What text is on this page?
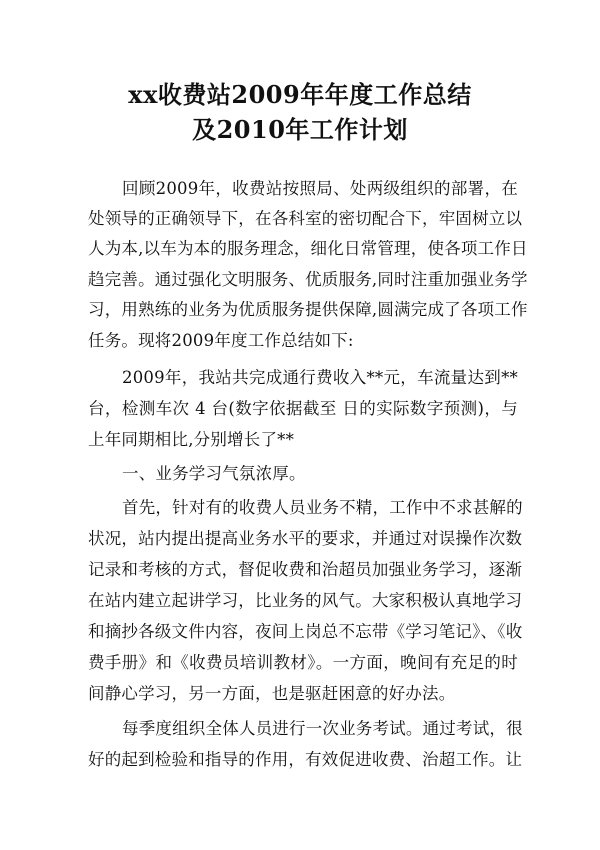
xx收费站2009年年度工作总结
及2010年工作计划
回顾2009年，收费站按照局、处两级组织的部署，在
处领导的正确领导下，在各科室的密切配合下，牢固树立以
人为本,以车为本的服务理念，细化日常管理，使各项工作日
趋完善。通过强化文明服务、优质服务,同时注重加强业务学
习，用熟练的业务为优质服务提供保障,圆满完成了各项工作
任务。现将2009年度工作总结如下:
2009年，我站共完成通行费收入**元，车流量达到**
台，检测车次 4 台(数字依据截至 日的实际数字预测)，与
上年同期相比,分别增长了**
一、业务学习气氛浓厚。
首先，针对有的收费人员业务不精，工作中不求甚解的
状况，站内提出提高业务水平的要求，并通过对误操作次数
记录和考核的方式，督促收费和治超员加强业务学习，逐渐
在站内建立起讲学习，比业务的风气。大家积极认真地学习
和摘抄各级文件内容，夜间上岗总不忘带《学习笔记》、《收
费手册》和《收费员培训教材》。一方面，晚间有充足的时
间静心学习，另一方面，也是驱赶困意的好办法。
每季度组织全体人员进行一次业务考试。通过考试，很
好的起到检验和指导的作用，有效促进收费、治超工作。让
